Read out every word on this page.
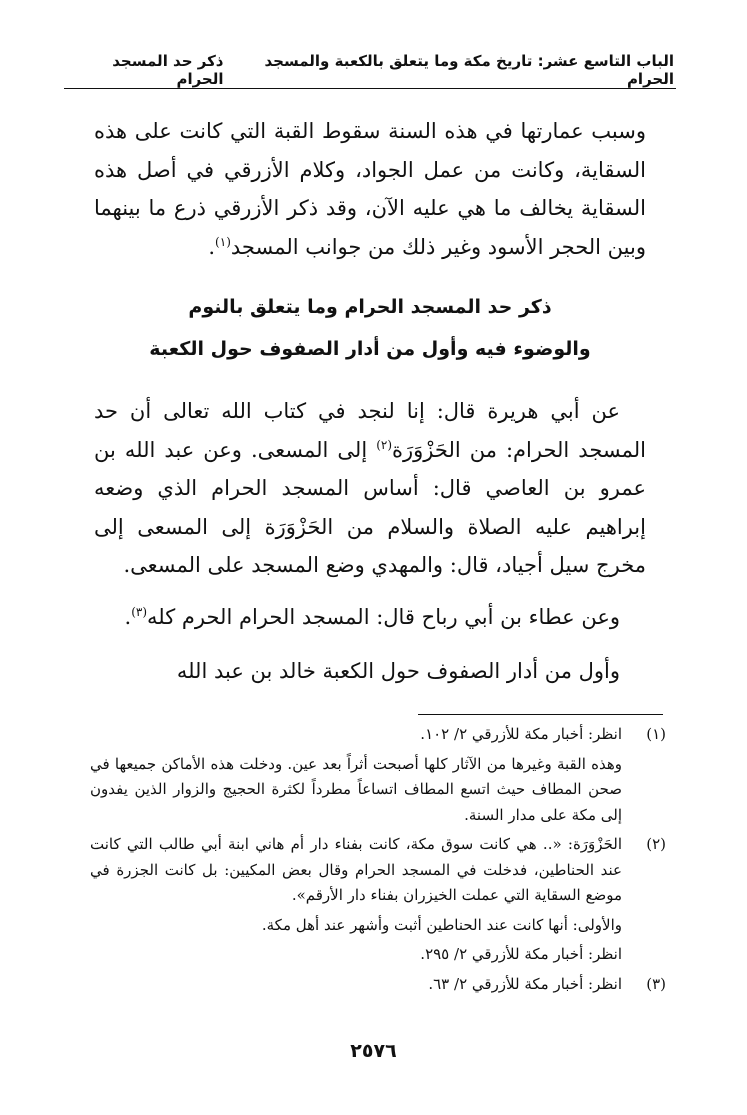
الباب التاسع عشر: تاريخ مكة وما يتعلق بالكعبة والمسجد الحرام
ذكر حد المسجد الحرام

وسبب عمارتها في هذه السنة سقوط القبة التي كانت على هذه السقاية، وكانت من عمل الجواد، وكلام الأزرقي في أصل هذه السقاية يخالف ما هي عليه الآن، وقد ذكر الأزرقي ذرع ما بينهما وبين الحجر الأسود وغير ذلك من جوانب المسجد$^{(١)}$.

ذكر حد المسجد الحرام وما يتعلق بالنوم
والوضوء فيه وأول من أدار الصفوف حول الكعبة

عن أبي هريرة قال: إنا لنجد في كتاب الله تعالى أن حد المسجد الحرام: من الحَزْوَرَة$^{(٢)}$ إلى المسعى. وعن عبد الله بن عمرو بن العاصي قال: أساس المسجد الحرام الذي وضعه إبراهيم عليه الصلاة والسلام من الحَزْوَرَة إلى المسعى إلى مخرج سيل أجياد، قال: والمهدي وضع المسجد على المسعى.

وعن عطاء بن أبي رباح قال: المسجد الحرام الحرم كله$^{(٣)}$.

وأول من أدار الصفوف حول الكعبة خالد بن عبد الله

(١)

انظر: أخبار مكة للأزرقي ٢/ ١٠٢.

وهذه القبة وغيرها من الآثار كلها أصبحت أثراً بعد عين. ودخلت هذه الأماكن جميعها في صحن المطاف حيث اتسع المطاف اتساعاً مطرداً لكثرة الحجيج والزوار الذين يفدون إلى مكة على مدار السنة.

(٢)

الحَزْوَرَة: «.. هي كانت سوق مكة، كانت بفناء دار أم هاني ابنة أبي طالب التي كانت عند الحناطين، فدخلت في المسجد الحرام وقال بعض المكيين: بل كانت الجزرة في موضع السقاية التي عملت الخيزران بفناء دار الأرقم».

والأولى: أنها كانت عند الحناطين أثبت وأشهر عند أهل مكة.

انظر: أخبار مكة للأزرقي ٢/ ٢٩٥.

(٣)

انظر: أخبار مكة للأزرقي ٢/ ٦٣.

٢٥٧٦
